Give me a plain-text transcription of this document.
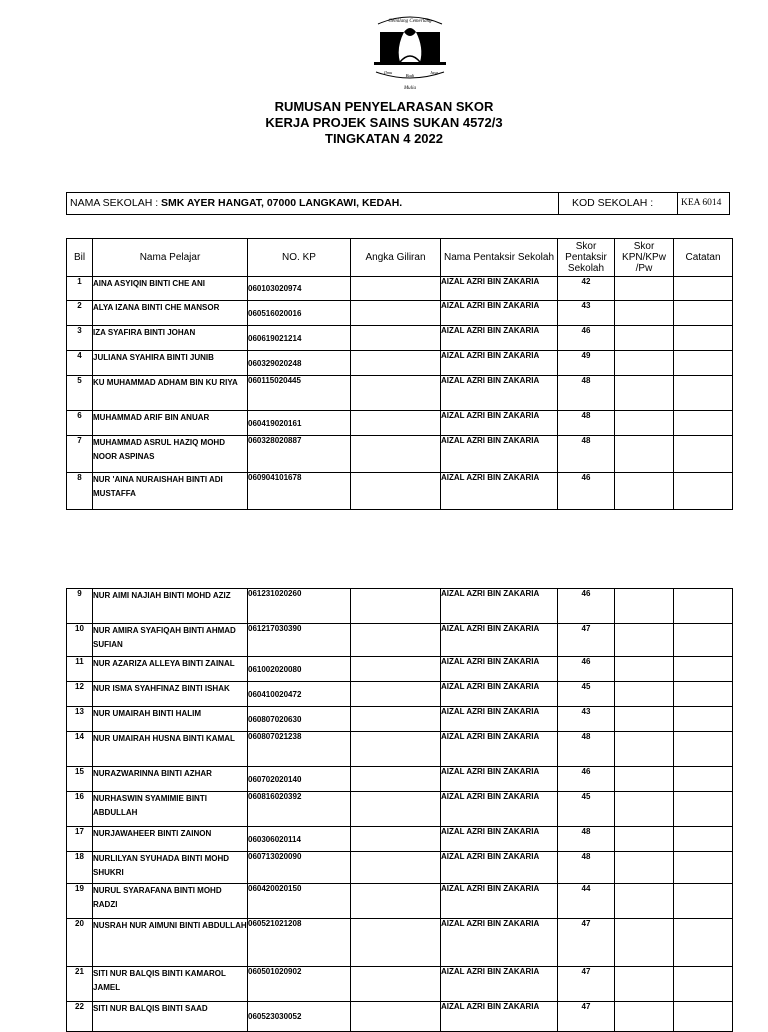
Gemilang Cemerlang
Ilmu
Budi
Jasa
Mulia
RUMUSAN PENYELARASAN SKOR
KERJA PROJEK SAINS SUKAN 4572/3
TINGKATAN 4 2022
NAMA SEKOLAH : SMK AYER HANGAT, 07000 LANGKAWI, KEDAH.	KOD SEKOLAH :	KEA 6014
Bil	Nama Pelajar	NO. KP	Angka Giliran	Nama Pentaksir Sekolah	Skor Pentaksir Sekolah	Skor KPN/KPw /Pw	Catatan
1	AINA ASYIQIN BINTI CHE ANI	060103020974		AIZAL AZRI BIN ZAKARIA	42		
2	ALYA IZANA BINTI CHE MANSOR	060516020016		AIZAL AZRI BIN ZAKARIA	43		
3	IZA SYAFIRA BINTI JOHAN	060619021214		AIZAL AZRI BIN ZAKARIA	46		
4	JULIANA SYAHIRA BINTI JUNIB	060329020248		AIZAL AZRI BIN ZAKARIA	49		
5	KU MUHAMMAD ADHAM BIN KU RIYA	060115020445		AIZAL AZRI BIN ZAKARIA	48		
6	MUHAMMAD ARIF BIN ANUAR	060419020161		AIZAL AZRI BIN ZAKARIA	48		
7	MUHAMMAD ASRUL HAZIQ MOHD NOOR ASPINAS	060328020887		AIZAL AZRI BIN ZAKARIA	48		
8	NUR 'AINA NURAISHAH BINTI ADI MUSTAFFA	060904101678		AIZAL AZRI BIN ZAKARIA	46		
9	NUR AIMI NAJIAH BINTI MOHD AZIZ	061231020260		AIZAL AZRI BIN ZAKARIA	46		
10	NUR AMIRA SYAFIQAH BINTI AHMAD SUFIAN	061217030390		AIZAL AZRI BIN ZAKARIA	47		
11	NUR AZARIZA ALLEYA BINTI ZAINAL	061002020080		AIZAL AZRI BIN ZAKARIA	46		
12	NUR ISMA SYAHFINAZ BINTI ISHAK	060410020472		AIZAL AZRI BIN ZAKARIA	45		
13	NUR UMAIRAH BINTI HALIM	060807020630		AIZAL AZRI BIN ZAKARIA	43		
14	NUR UMAIRAH HUSNA BINTI KAMAL	060807021238		AIZAL AZRI BIN ZAKARIA	48		
15	NURAZWARINNA BINTI AZHAR	060702020140		AIZAL AZRI BIN ZAKARIA	46		
16	NURHASWIN SYAMIMIE BINTI ABDULLAH	060816020392		AIZAL AZRI BIN ZAKARIA	45		
17	NURJAWAHEER BINTI ZAINON	060306020114		AIZAL AZRI BIN ZAKARIA	48		
18	NURLILYAN SYUHADA BINTI MOHD SHUKRI	060713020090		AIZAL AZRI BIN ZAKARIA	48		
19	NURUL SYARAFANA BINTI MOHD RADZI	060420020150		AIZAL AZRI BIN ZAKARIA	44		
20	NUSRAH NUR AIMUNI BINTI ABDULLAH	060521021208		AIZAL AZRI BIN ZAKARIA	47		
21	SITI NUR BALQIS BINTI KAMAROL JAMEL	060501020902		AIZAL AZRI BIN ZAKARIA	47		
22	SITI NUR BALQIS BINTI SAAD	060523030052		AIZAL AZRI BIN ZAKARIA	47		
